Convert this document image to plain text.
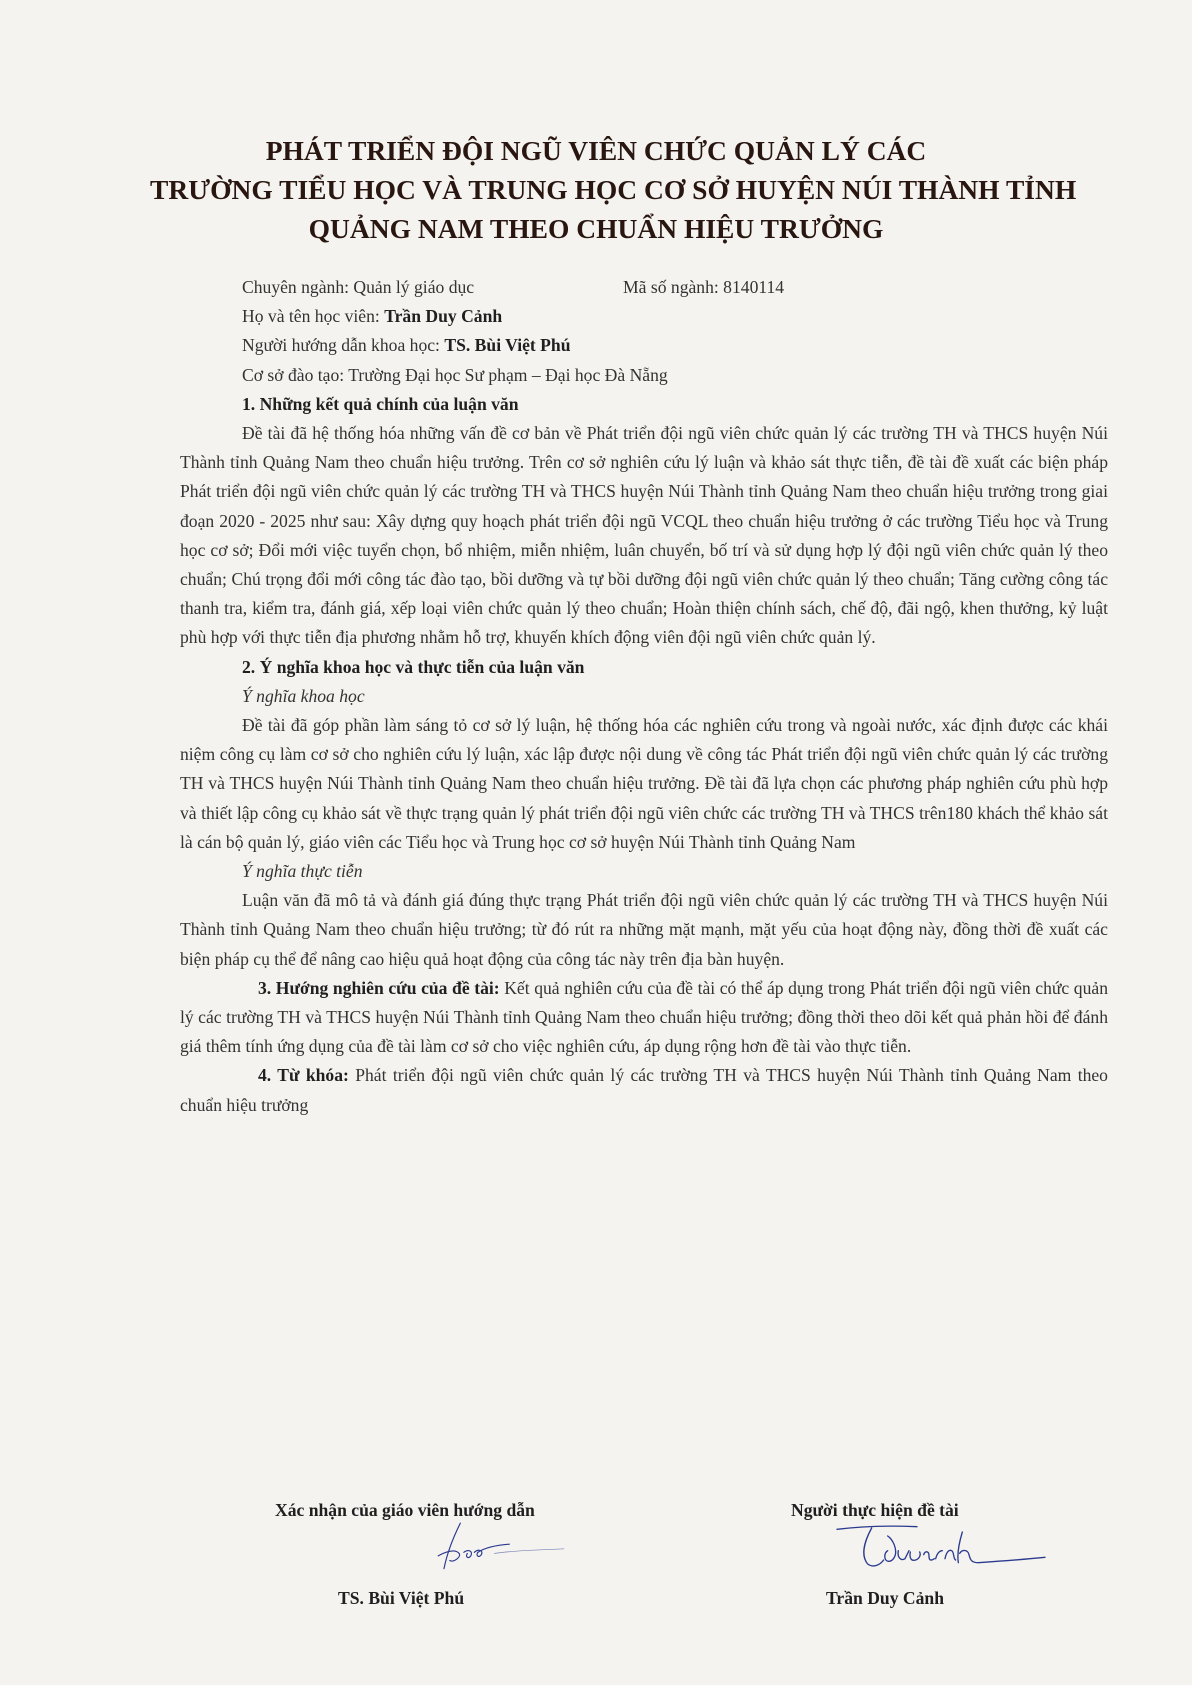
PHÁT TRIỂN ĐỘI NGŨ VIÊN CHỨC QUẢN LÝ CÁC
TRƯỜNG TIỂU HỌC VÀ TRUNG HỌC CƠ SỞ HUYỆN NÚI THÀNH TỈNH
QUẢNG NAM THEO CHUẨN HIỆU TRƯỞNG
Chuyên ngành: Quản lý giáo dục	Mã số ngành: 8140114
Họ và tên học viên: Trần Duy Cảnh
Người hướng dẫn khoa học: TS. Bùi Việt Phú
Cơ sở đào tạo: Trường Đại học Sư phạm – Đại học Đà Nẵng
1. Những kết quả chính của luận văn

Đề tài đã hệ thống hóa những vấn đề cơ bản về Phát triển đội ngũ viên chức quản lý các trường TH và THCS huyện Núi Thành tỉnh Quảng Nam theo chuẩn hiệu trưởng. Trên cơ sở nghiên cứu lý luận và khảo sát thực tiễn, đề tài đề xuất các biện pháp Phát triển đội ngũ viên chức quản lý các trường TH và THCS huyện Núi Thành tỉnh Quảng Nam theo chuẩn hiệu trưởng trong giai đoạn 2020 - 2025 như sau: Xây dựng quy hoạch phát triển đội ngũ VCQL theo chuẩn hiệu trưởng ở các trường Tiểu học và Trung học cơ sở; Đổi mới việc tuyển chọn, bổ nhiệm, miễn nhiệm, luân chuyển, bố trí và sử dụng hợp lý đội ngũ viên chức quản lý theo chuẩn; Chú trọng đổi mới công tác đào tạo, bồi dưỡng và tự bồi dưỡng đội ngũ viên chức quản lý theo chuẩn; Tăng cường công tác thanh tra, kiểm tra, đánh giá, xếp loại viên chức quản lý theo chuẩn; Hoàn thiện chính sách, chế độ, đãi ngộ, khen thưởng, kỷ luật phù hợp với thực tiễn địa phương nhằm hỗ trợ, khuyến khích động viên đội ngũ viên chức quản lý.

2. Ý nghĩa khoa học và thực tiễn của luận văn
Ý nghĩa khoa học

Đề tài đã góp phần làm sáng tỏ cơ sở lý luận, hệ thống hóa các nghiên cứu trong và ngoài nước, xác định được các khái niệm công cụ làm cơ sở cho nghiên cứu lý luận, xác lập được nội dung về công tác Phát triển đội ngũ viên chức quản lý các trường TH và THCS huyện Núi Thành tỉnh Quảng Nam theo chuẩn hiệu trưởng. Đề tài đã lựa chọn các phương pháp nghiên cứu phù hợp và thiết lập công cụ khảo sát về thực trạng quản lý phát triển đội ngũ viên chức các trường TH và THCS trên180 khách thể khảo sát là cán bộ quản lý, giáo viên các Tiểu học và Trung học cơ sở huyện Núi Thành tỉnh Quảng Nam

Ý nghĩa thực tiễn

Luận văn đã mô tả và đánh giá đúng thực trạng Phát triển đội ngũ viên chức quản lý các trường TH và THCS huyện Núi Thành tỉnh Quảng Nam theo chuẩn hiệu trưởng; từ đó rút ra những mặt mạnh, mặt yếu của hoạt động này, đồng thời đề xuất các biện pháp cụ thể để nâng cao hiệu quả hoạt động của công tác này trên địa bàn huyện.

3. Hướng nghiên cứu của đề tài: Kết quả nghiên cứu của đề tài có thể áp dụng trong Phát triển đội ngũ viên chức quản lý các trường TH và THCS huyện Núi Thành tỉnh Quảng Nam theo chuẩn hiệu trưởng; đồng thời theo dõi kết quả phản hồi để đánh giá thêm tính ứng dụng của đề tài làm cơ sở cho việc nghiên cứu, áp dụng rộng hơn đề tài vào thực tiễn.

4. Từ khóa: Phát triển đội ngũ viên chức quản lý các trường TH và THCS huyện Núi Thành tỉnh Quảng Nam theo chuẩn hiệu trưởng

Xác nhận của giáo viên hướng dẫn	Người thực hiện đề tài
TS. Bùi Việt Phú	Trần Duy Cảnh
